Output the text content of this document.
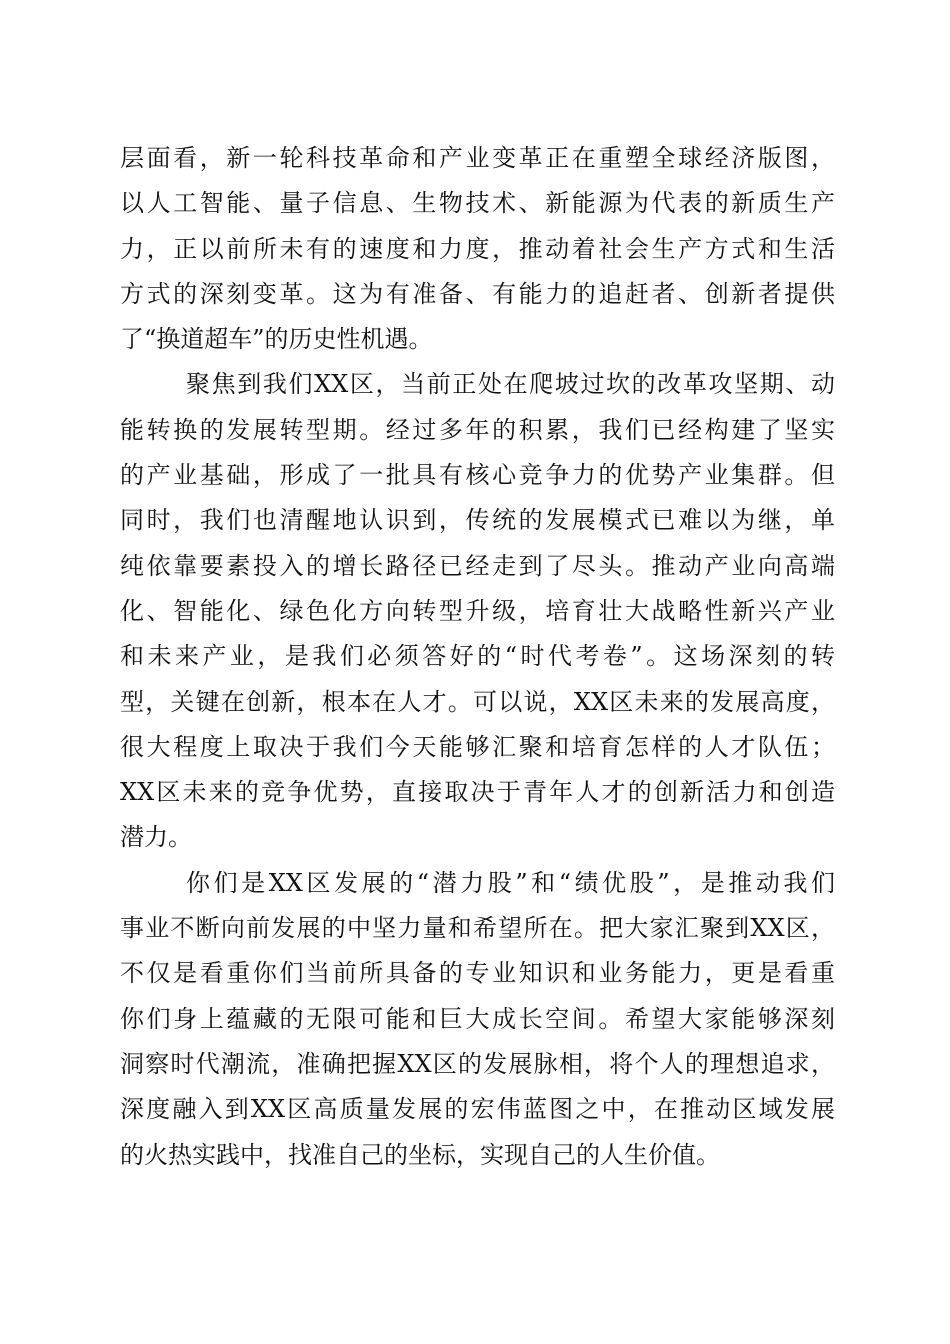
层面看，新一轮科技革命和产业变革正在重塑全球经济版图，
以人工智能、量子信息、生物技术、新能源为代表的新质生产
力，正以前所未有的速度和力度，推动着社会生产方式和生活
方式的深刻变革。这为有准备、有能力的追赶者、创新者提供
了“换道超车”的历史性机遇。
聚焦到我们XX区，当前正处在爬坡过坎的改革攻坚期、动
能转换的发展转型期。经过多年的积累，我们已经构建了坚实
的产业基础，形成了一批具有核心竞争力的优势产业集群。但
同时，我们也清醒地认识到，传统的发展模式已难以为继，单
纯依靠要素投入的增长路径已经走到了尽头。推动产业向高端
化、智能化、绿色化方向转型升级，培育壮大战略性新兴产业
和未来产业，是我们必须答好的“时代考卷”。这场深刻的转
型，关键在创新，根本在人才。可以说，XX区未来的发展高度，
很大程度上取决于我们今天能够汇聚和培育怎样的人才队伍；
XX区未来的竞争优势，直接取决于青年人才的创新活力和创造
潜力。
你们是XX区发展的“潜力股”和“绩优股”，是推动我们
事业不断向前发展的中坚力量和希望所在。把大家汇聚到XX区，
不仅是看重你们当前所具备的专业知识和业务能力，更是看重
你们身上蕴藏的无限可能和巨大成长空间。希望大家能够深刻
洞察时代潮流，准确把握XX区的发展脉相，将个人的理想追求，
深度融入到XX区高质量发展的宏伟蓝图之中，在推动区域发展
的火热实践中，找准自己的坐标，实现自己的人生价值。
